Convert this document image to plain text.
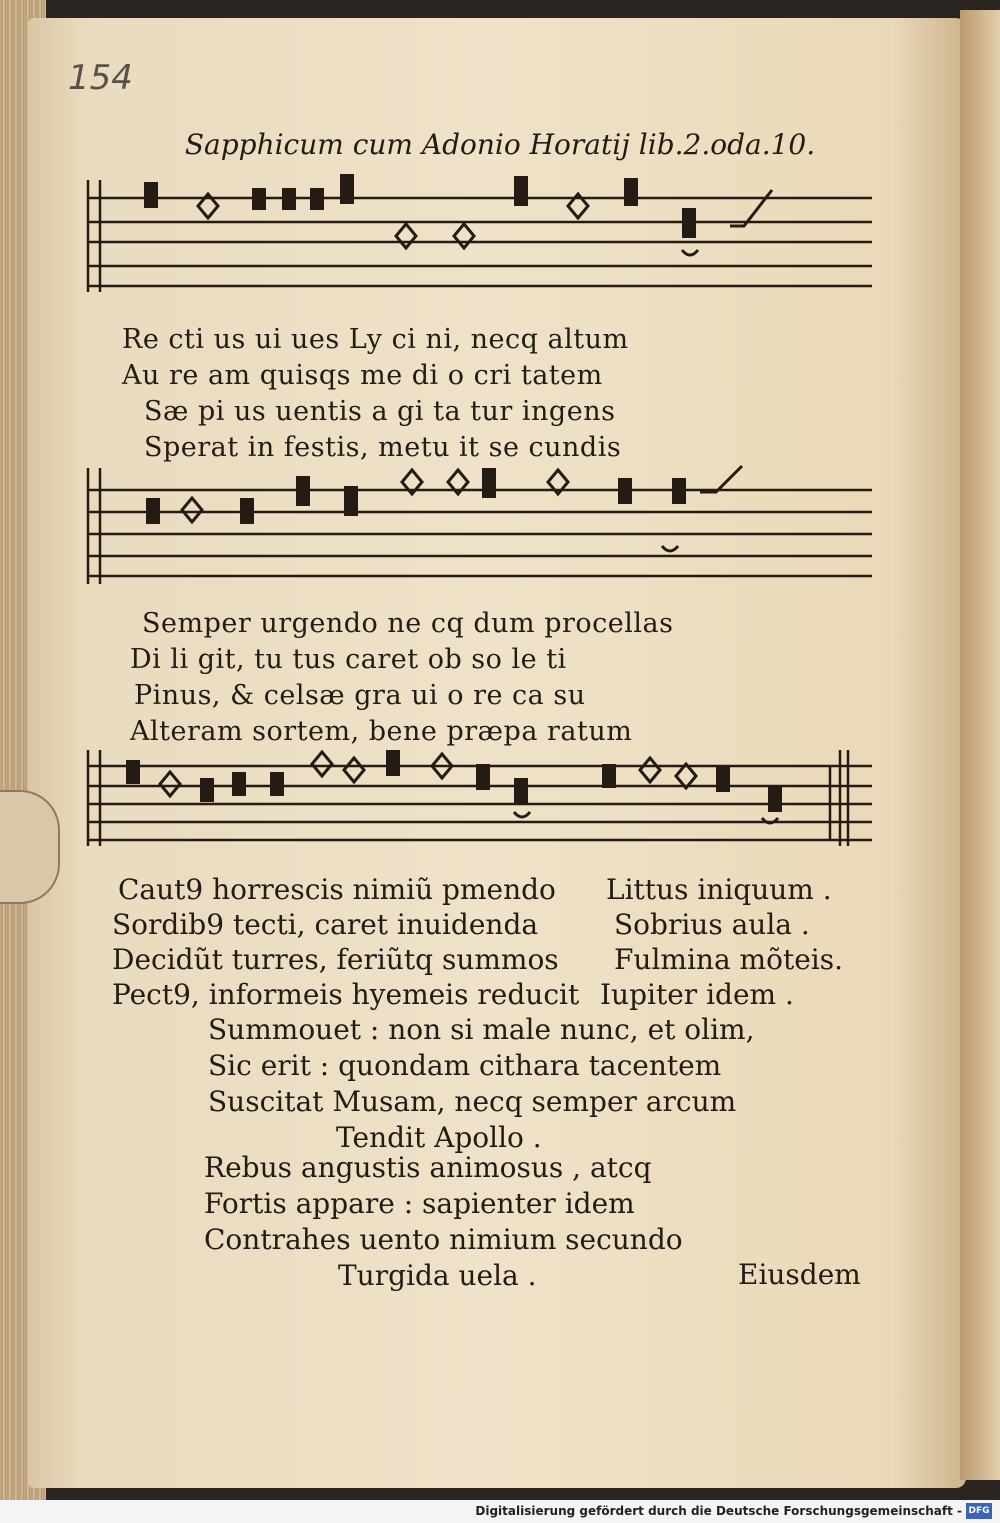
154
Sapphicum cum Adonio Horatij lib.2.oda.10.
Re cti us ui ues Ly ci ni, necq altum
Au re am quisqs me di o cri tatem
Sæ pi us uentis a gi ta tur ingens
Sperat in festis, metu it se cundis
Semper urgendo ne cq dum procellas
Di li git, tu tus caret ob so le ti
Pinus, & celsæ gra ui o re ca su
Alteram sortem, bene præpa ratum
Caut9 horrescis nimiũ pmendo
Sordib9 tecti, caret inuidenda
Decidũt turres, feriũtq summos
Pect9, informeis hyemeis reducit
Littus iniquum .
Sobrius aula .
Fulmina mõteis.
Iupiter idem .
Summouet : non si male nunc, et olim,
Sic erit : quondam cithara tacentem
Suscitat Musam, necq semper arcum
Tendit Apollo .
Rebus angustis animosus , atcq
Fortis appare : sapienter idem
Contrahes uento nimium secundo
Turgida uela .	Eiusdem
Digitalisierung gefördert durch die Deutsche Forschungsgemeinschaft - DFG
